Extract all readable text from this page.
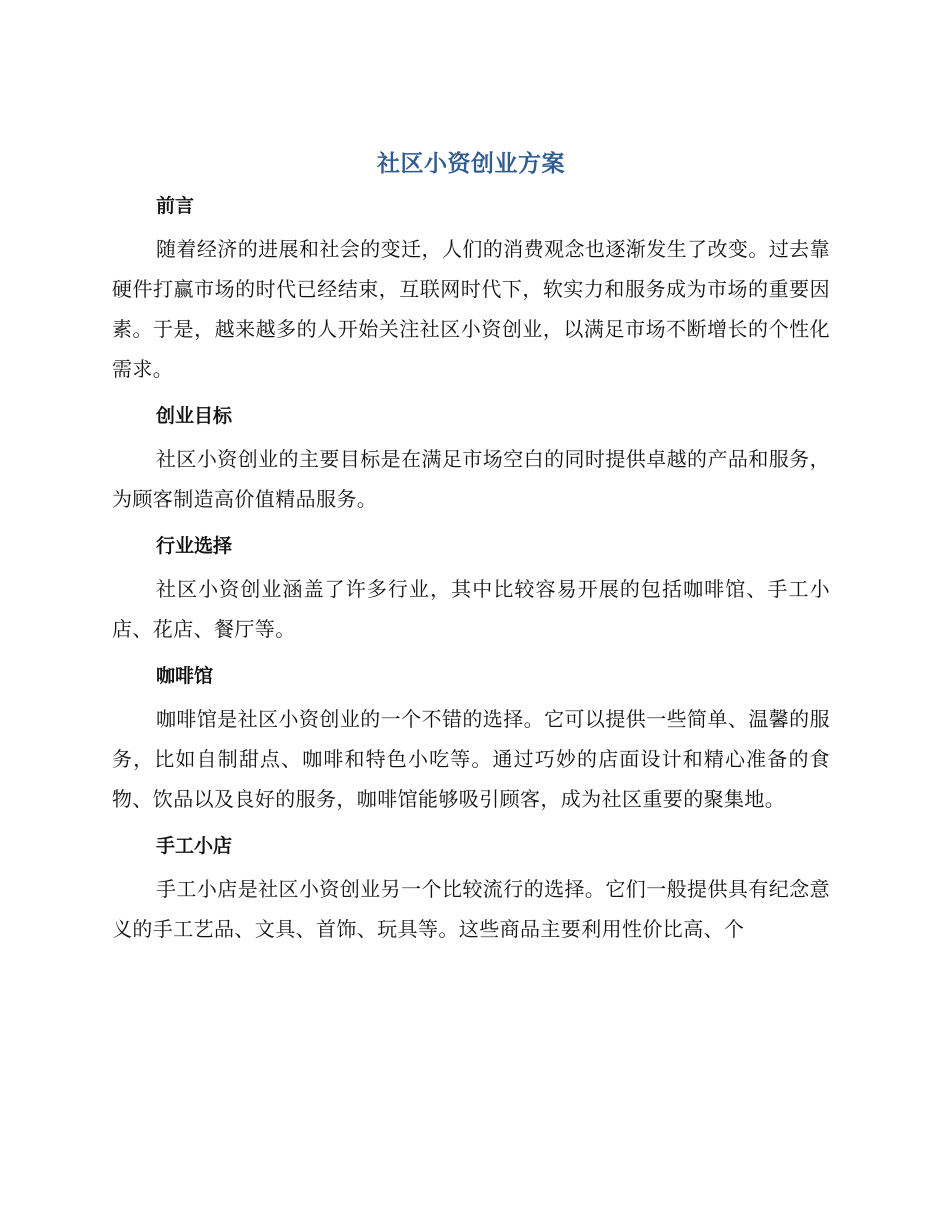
社区小资创业方案
前言

随着经济的进展和社会的变迁，人们的消费观念也逐渐发生了改变。过去靠硬件打赢市场的时代已经结束，互联网时代下，软实力和服务成为市场的重要因素。于是，越来越多的人开始关注社区小资创业，以满足市场不断增长的个性化需求。

创业目标

社区小资创业的主要目标是在满足市场空白的同时提供卓越的产品和服务，为顾客制造高价值精品服务。

行业选择

社区小资创业涵盖了许多行业，其中比较容易开展的包括咖啡馆、手工小店、花店、餐厅等。

咖啡馆

咖啡馆是社区小资创业的一个不错的选择。它可以提供一些简单、温馨的服务，比如自制甜点、咖啡和特色小吃等。通过巧妙的店面设计和精心准备的食物、饮品以及良好的服务，咖啡馆能够吸引顾客，成为社区重要的聚集地。

手工小店

手工小店是社区小资创业另一个比较流行的选择。它们一般提供具有纪念意义的手工艺品、文具、首饰、玩具等。这些商品主要利用性价比高、个
